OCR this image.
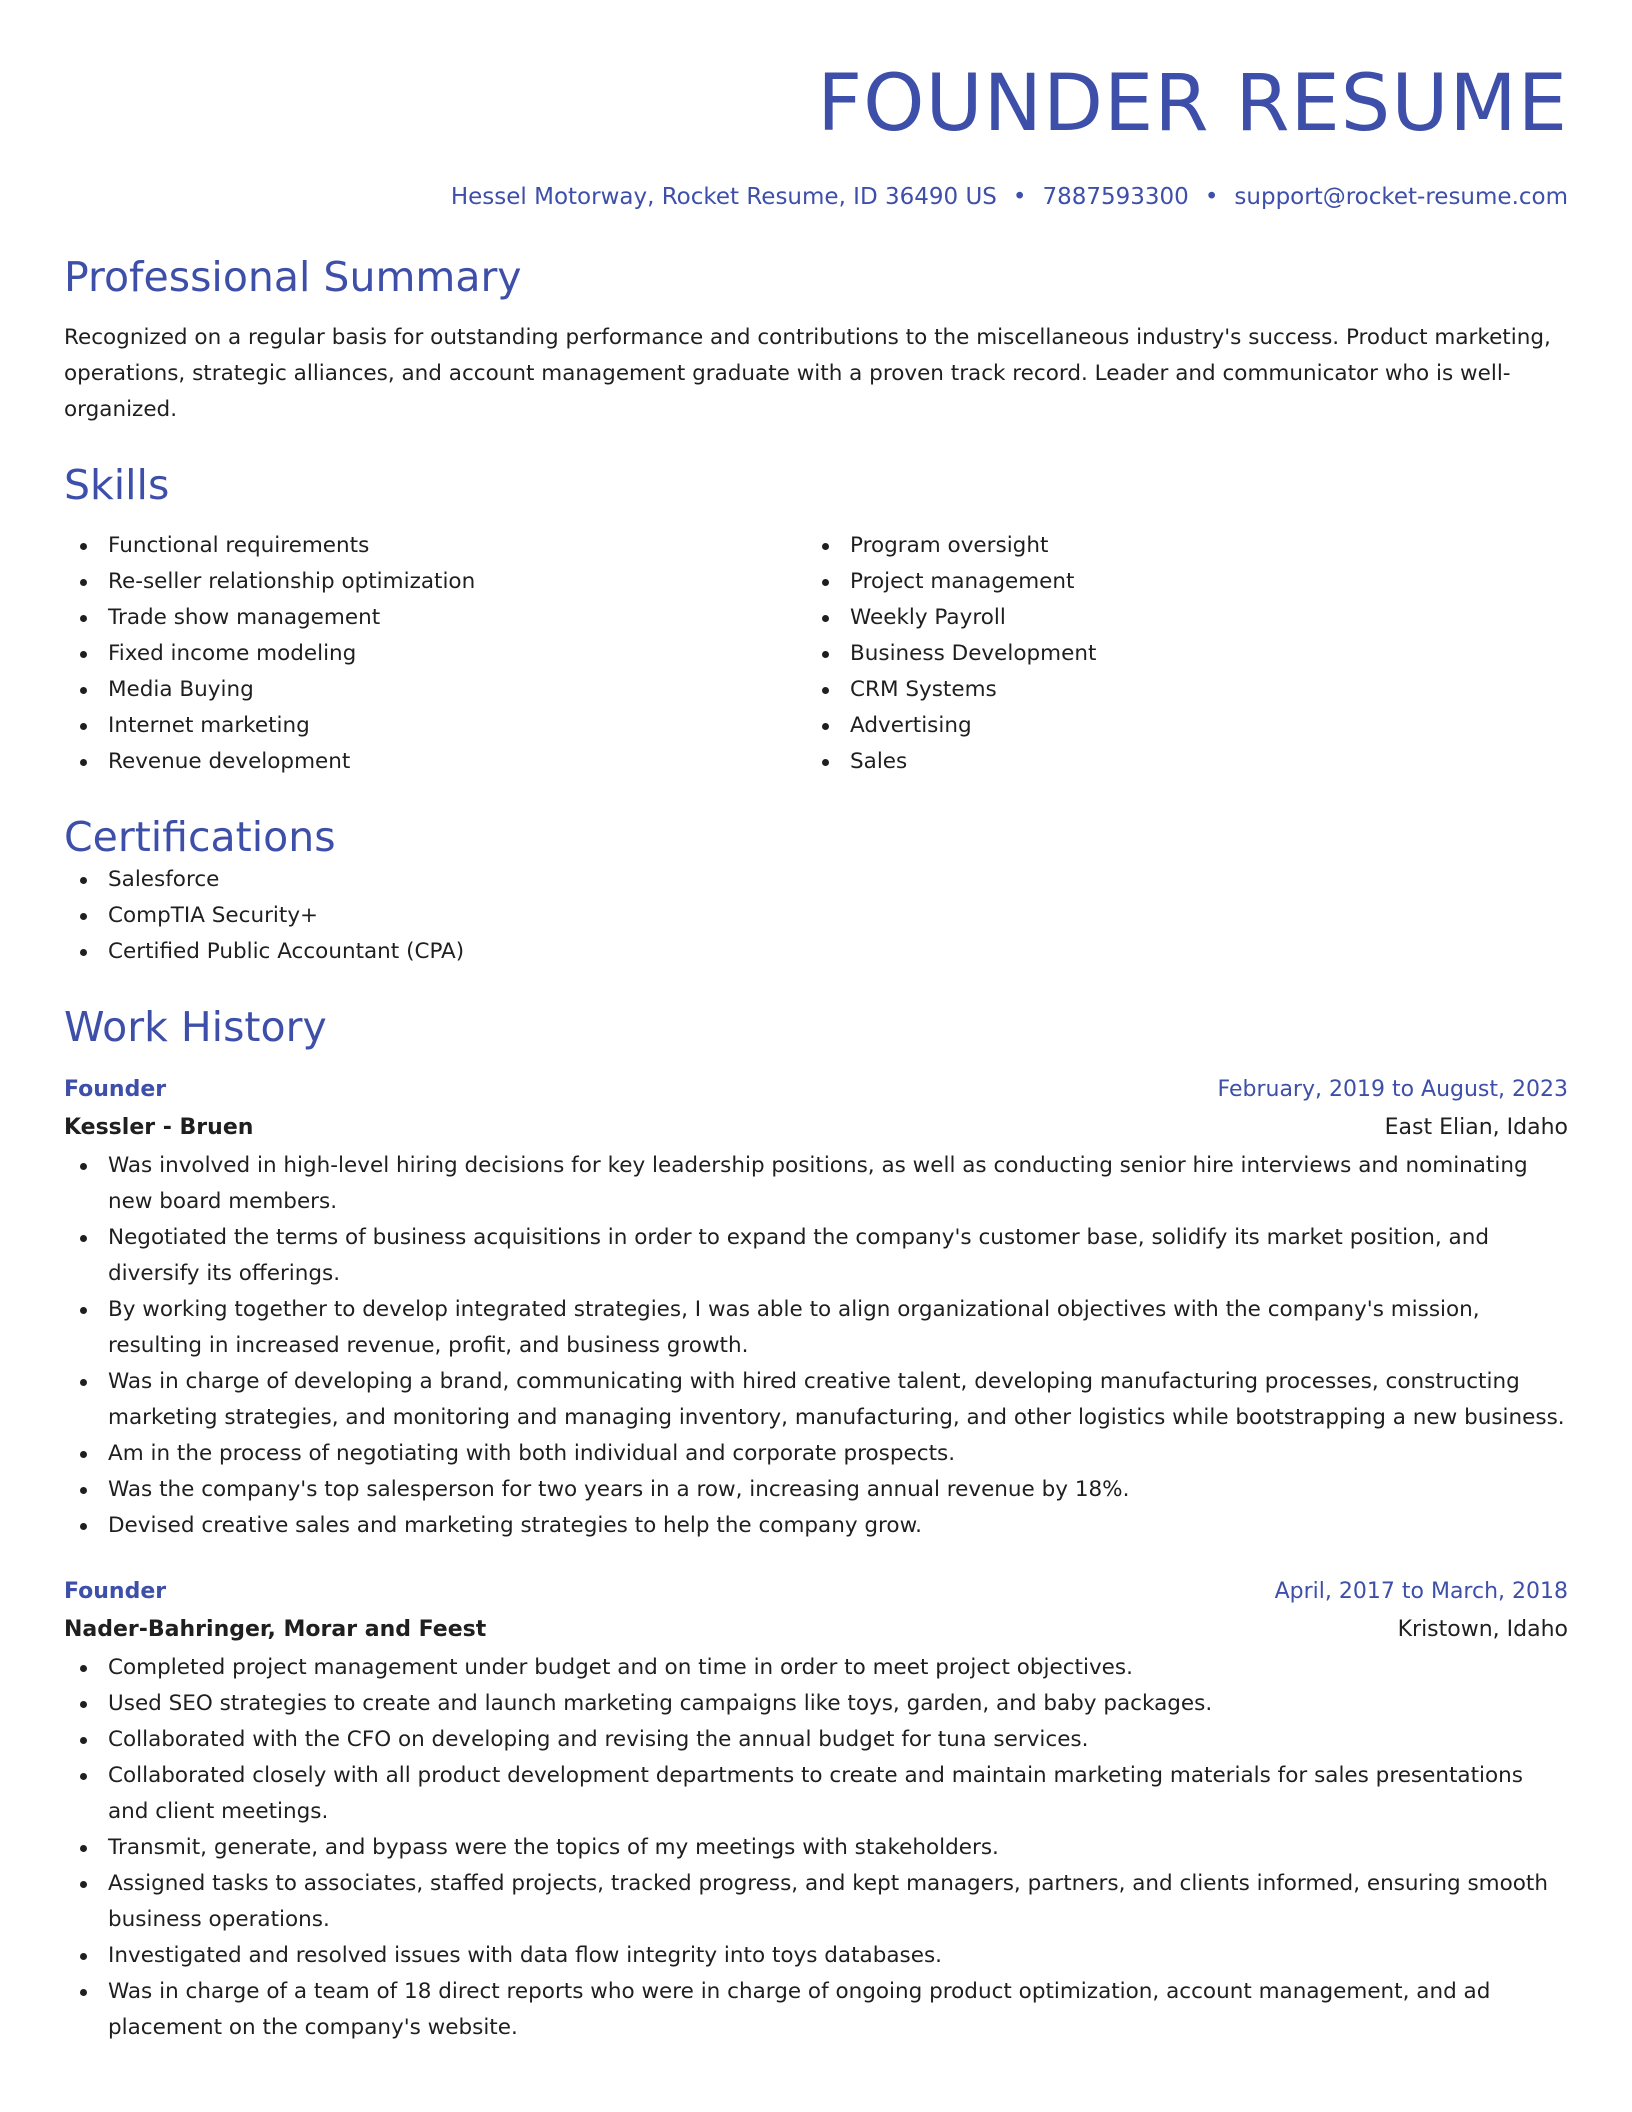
FOUNDER RESUME
Hessel Motorway, Rocket Resume, ID 36490 US • 7887593300 • support@rocket-resume.com
Professional Summary
Recognized on a regular basis for outstanding performance and contributions to the miscellaneous industry's success. Product marketing, operations, strategic alliances, and account management graduate with a proven track record. Leader and communicator who is well-organized.
Skills
Functional requirements
Re-seller relationship optimization
Trade show management
Fixed income modeling
Media Buying
Internet marketing
Revenue development
Program oversight
Project management
Weekly Payroll
Business Development
CRM Systems
Advertising
Sales
Certifications
Salesforce
CompTIA Security+
Certified Public Accountant (CPA)
Work History
Founder	February, 2019 to August, 2023
Kessler - Bruen	East Elian, Idaho
Was involved in high-level hiring decisions for key leadership positions, as well as conducting senior hire interviews and nominating new board members.
Negotiated the terms of business acquisitions in order to expand the company's customer base, solidify its market position, and diversify its offerings.
By working together to develop integrated strategies, I was able to align organizational objectives with the company's mission, resulting in increased revenue, profit, and business growth.
Was in charge of developing a brand, communicating with hired creative talent, developing manufacturing processes, constructing marketing strategies, and monitoring and managing inventory, manufacturing, and other logistics while bootstrapping a new business.
Am in the process of negotiating with both individual and corporate prospects.
Was the company's top salesperson for two years in a row, increasing annual revenue by 18%.
Devised creative sales and marketing strategies to help the company grow.
Founder	April, 2017 to March, 2018
Nader-Bahringer, Morar and Feest	Kristown, Idaho
Completed project management under budget and on time in order to meet project objectives.
Used SEO strategies to create and launch marketing campaigns like toys, garden, and baby packages.
Collaborated with the CFO on developing and revising the annual budget for tuna services.
Collaborated closely with all product development departments to create and maintain marketing materials for sales presentations and client meetings.
Transmit, generate, and bypass were the topics of my meetings with stakeholders.
Assigned tasks to associates, staffed projects, tracked progress, and kept managers, partners, and clients informed, ensuring smooth business operations.
Investigated and resolved issues with data flow integrity into toys databases.
Was in charge of a team of 18 direct reports who were in charge of ongoing product optimization, account management, and ad placement on the company's website.
